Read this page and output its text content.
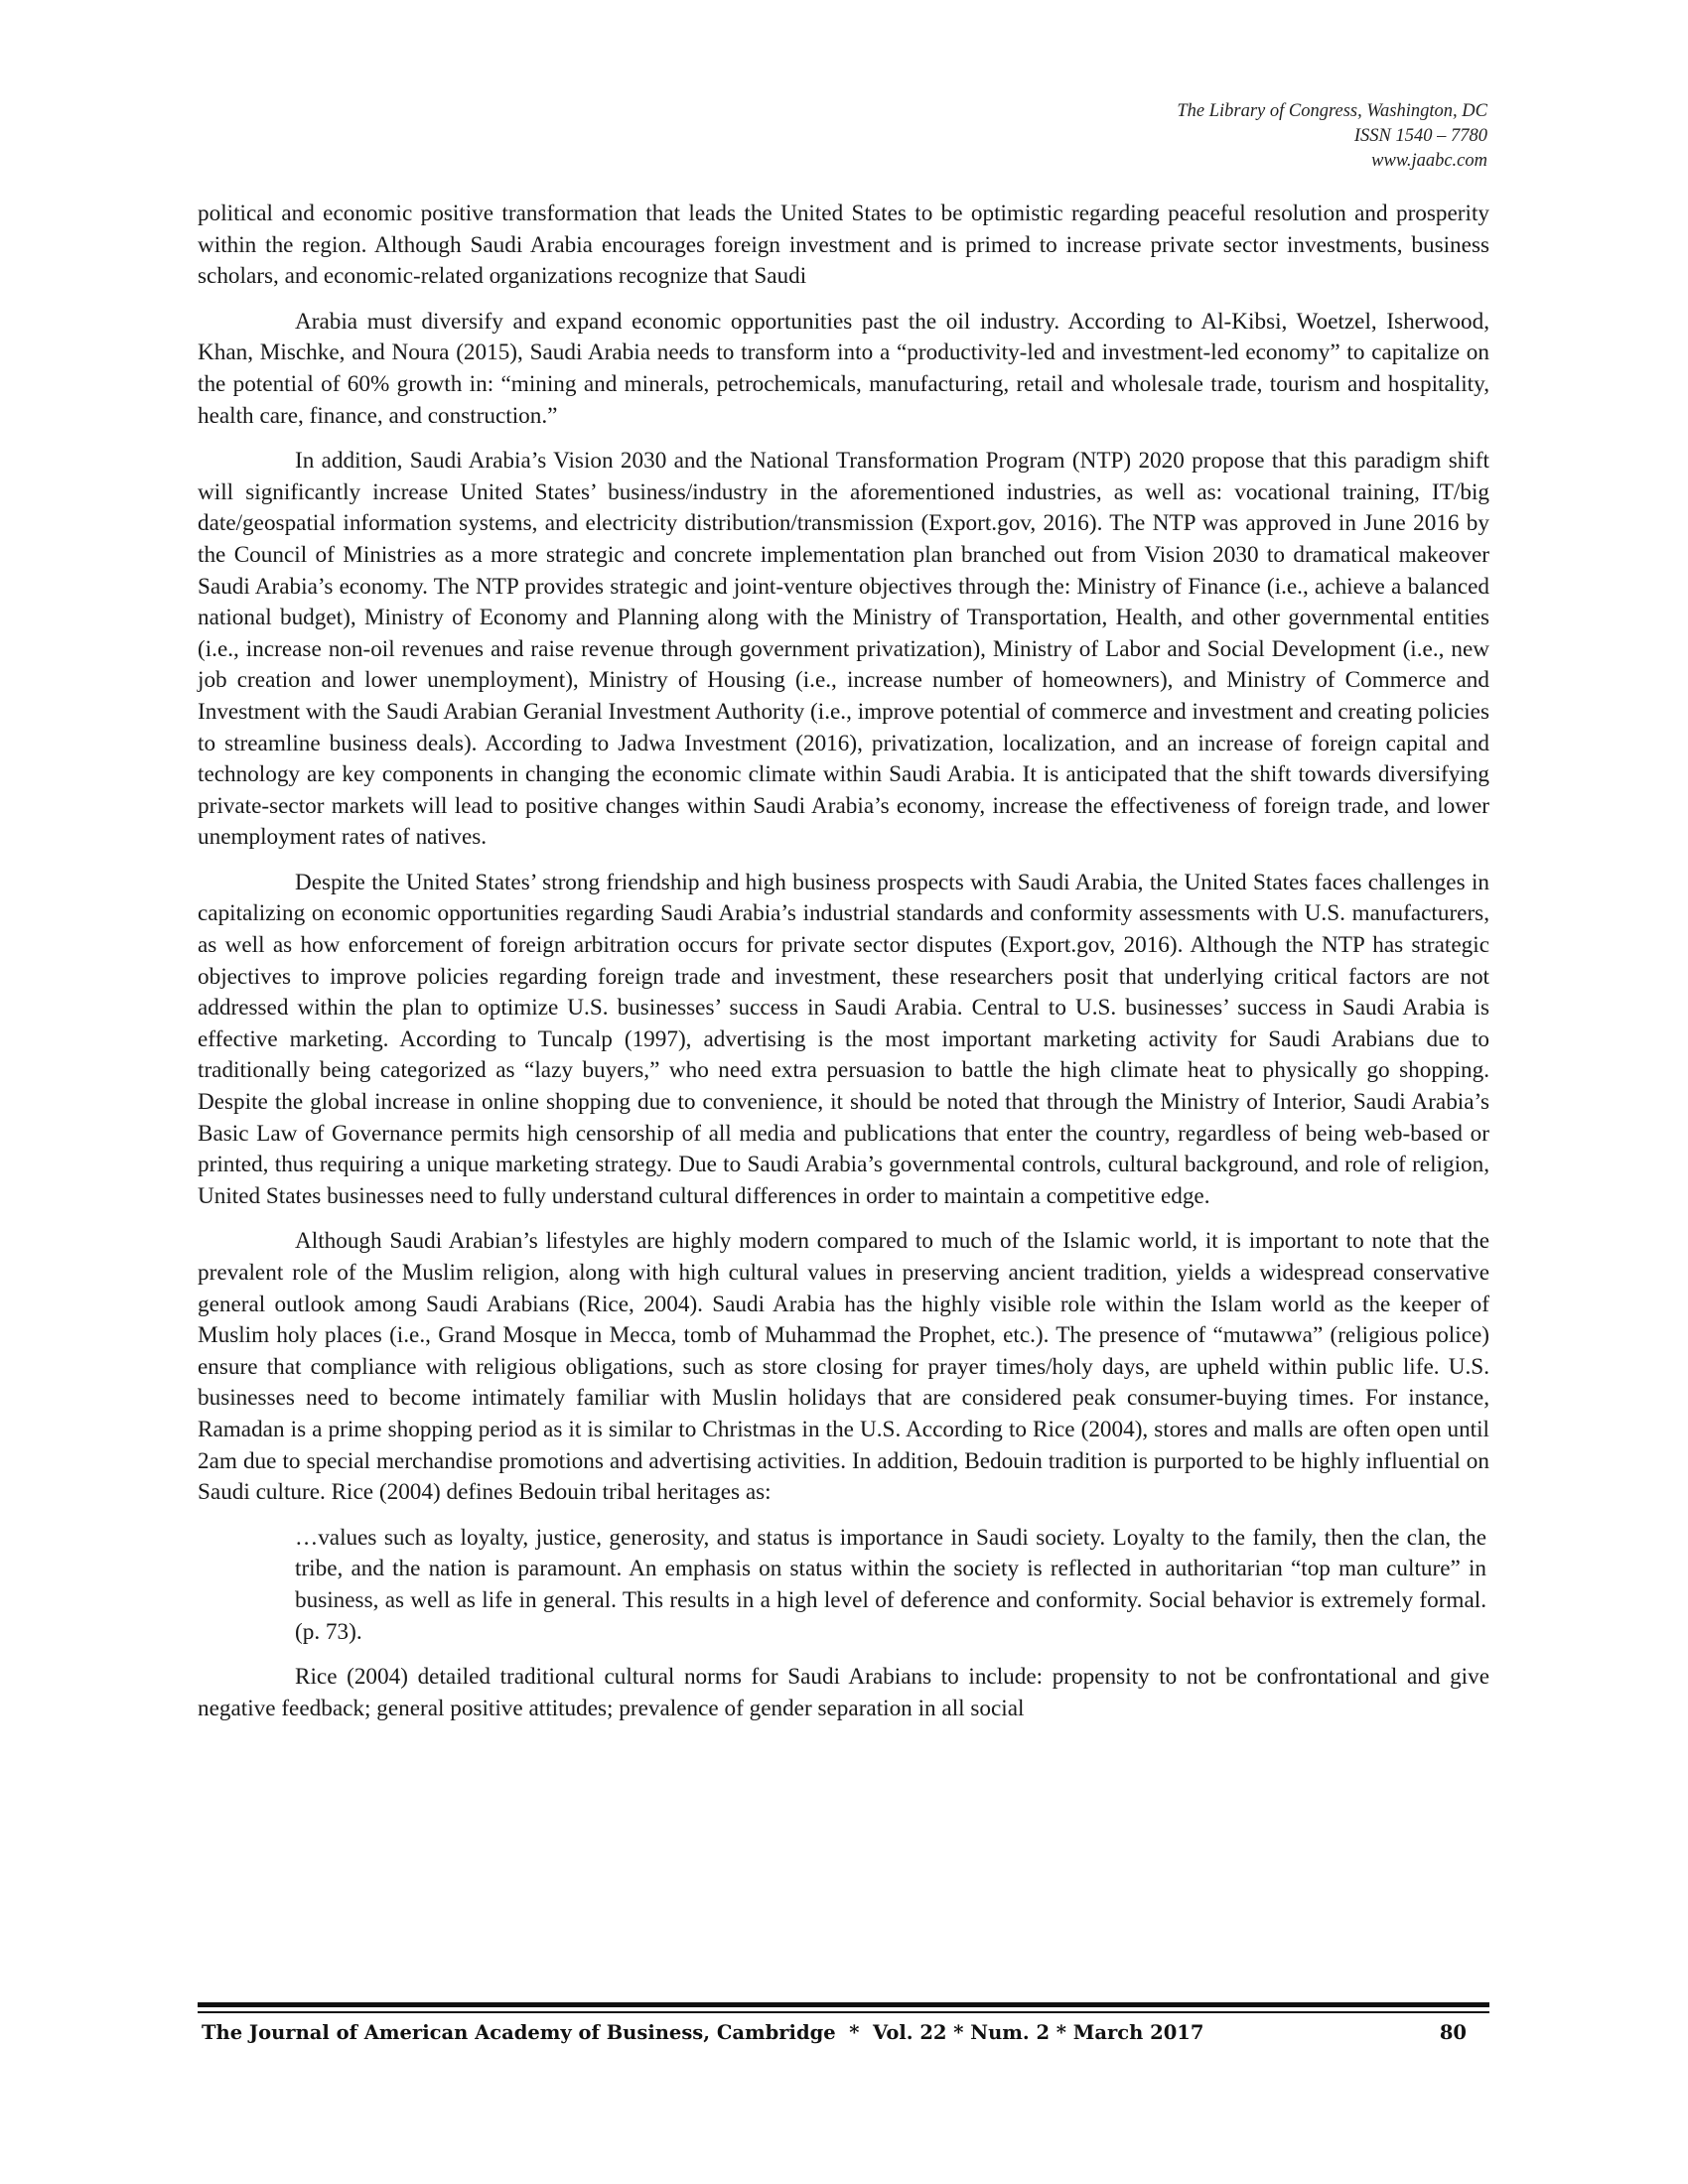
The Library of Congress, Washington, DC
ISSN 1540 – 7780
www.jaabc.com

political and economic positive transformation that leads the United States to be optimistic regarding peaceful resolution and prosperity within the region. Although Saudi Arabia encourages foreign investment and is primed to increase private sector investments, business scholars, and economic-related organizations recognize that Saudi

Arabia must diversify and expand economic opportunities past the oil industry. According to Al-Kibsi, Woetzel, Isherwood, Khan, Mischke, and Noura (2015), Saudi Arabia needs to transform into a “productivity-led and investment-led economy” to capitalize on the potential of 60% growth in: “mining and minerals, petrochemicals, manufacturing, retail and wholesale trade, tourism and hospitality, health care, finance, and construction.”

In addition, Saudi Arabia’s Vision 2030 and the National Transformation Program (NTP) 2020 propose that this paradigm shift will significantly increase United States’ business/industry in the aforementioned industries, as well as: vocational training, IT/big date/geospatial information systems, and electricity distribution/transmission (Export.gov, 2016). The NTP was approved in June 2016 by the Council of Ministries as a more strategic and concrete implementation plan branched out from Vision 2030 to dramatical makeover Saudi Arabia’s economy. The NTP provides strategic and joint-venture objectives through the: Ministry of Finance (i.e., achieve a balanced national budget), Ministry of Economy and Planning along with the Ministry of Transportation, Health, and other governmental entities (i.e., increase non-oil revenues and raise revenue through government privatization), Ministry of Labor and Social Development (i.e., new job creation and lower unemployment), Ministry of Housing (i.e., increase number of homeowners), and Ministry of Commerce and Investment with the Saudi Arabian Geranial Investment Authority (i.e., improve potential of commerce and investment and creating policies to streamline business deals). According to Jadwa Investment (2016), privatization, localization, and an increase of foreign capital and technology are key components in changing the economic climate within Saudi Arabia. It is anticipated that the shift towards diversifying private-sector markets will lead to positive changes within Saudi Arabia’s economy, increase the effectiveness of foreign trade, and lower unemployment rates of natives.

Despite the United States’ strong friendship and high business prospects with Saudi Arabia, the United States faces challenges in capitalizing on economic opportunities regarding Saudi Arabia’s industrial standards and conformity assessments with U.S. manufacturers, as well as how enforcement of foreign arbitration occurs for private sector disputes (Export.gov, 2016). Although the NTP has strategic objectives to improve policies regarding foreign trade and investment, these researchers posit that underlying critical factors are not addressed within the plan to optimize U.S. businesses’ success in Saudi Arabia. Central to U.S. businesses’ success in Saudi Arabia is effective marketing. According to Tuncalp (1997), advertising is the most important marketing activity for Saudi Arabians due to traditionally being categorized as “lazy buyers,” who need extra persuasion to battle the high climate heat to physically go shopping. Despite the global increase in online shopping due to convenience, it should be noted that through the Ministry of Interior, Saudi Arabia’s Basic Law of Governance permits high censorship of all media and publications that enter the country, regardless of being web-based or printed, thus requiring a unique marketing strategy. Due to Saudi Arabia’s governmental controls, cultural background, and role of religion, United States businesses need to fully understand cultural differences in order to maintain a competitive edge.

Although Saudi Arabian’s lifestyles are highly modern compared to much of the Islamic world, it is important to note that the prevalent role of the Muslim religion, along with high cultural values in preserving ancient tradition, yields a widespread conservative general outlook among Saudi Arabians (Rice, 2004). Saudi Arabia has the highly visible role within the Islam world as the keeper of Muslim holy places (i.e., Grand Mosque in Mecca, tomb of Muhammad the Prophet, etc.). The presence of “mutawwa” (religious police) ensure that compliance with religious obligations, such as store closing for prayer times/holy days, are upheld within public life. U.S. businesses need to become intimately familiar with Muslin holidays that are considered peak consumer-buying times. For instance, Ramadan is a prime shopping period as it is similar to Christmas in the U.S. According to Rice (2004), stores and malls are often open until 2am due to special merchandise promotions and advertising activities. In addition, Bedouin tradition is purported to be highly influential on Saudi culture. Rice (2004) defines Bedouin tribal heritages as:

…values such as loyalty, justice, generosity, and status is importance in Saudi society. Loyalty to the family, then the clan, the tribe, and the nation is paramount. An emphasis on status within the society is reflected in authoritarian “top man culture” in business, as well as life in general. This results in a high level of deference and conformity. Social behavior is extremely formal. (p. 73).

Rice (2004) detailed traditional cultural norms for Saudi Arabians to include: propensity to not be confrontational and give negative feedback; general positive attitudes; prevalence of gender separation in all social

The Journal of American Academy of Business, Cambridge  *  Vol. 22 * Num. 2 * March 2017	80
